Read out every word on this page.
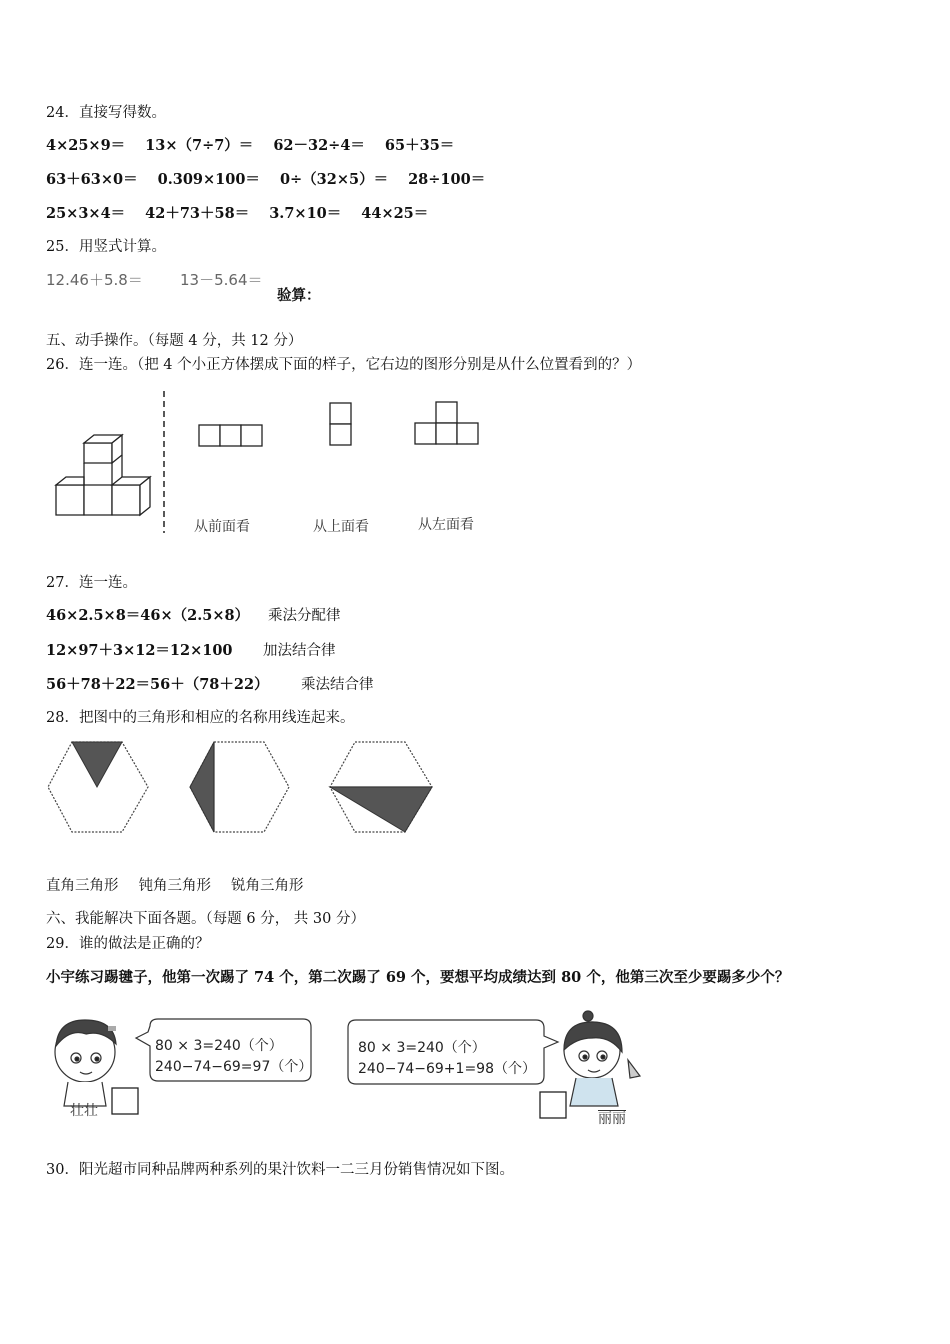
24．直接写得数。
4×25×9＝ 13×（7÷7）＝ 62－32÷4＝ 65＋35＝
63＋63×0＝ 0.309×100＝ 0÷（32×5）＝ 28÷100＝
25×3×4＝ 42＋73＋58＝ 3.7×10＝ 44×25＝
25．用竖式计算。
12.46＋5.8＝ 13－5.64＝
验算：
五、动手操作。（每题 4 分，共 12 分）
26．连一连。（把 4 个小正方体摆成下面的样子，它右边的图形分别是从什么位置看到的？）
从前面看	从上面看	从左面看
27．连一连。
46×2.5×8＝46×（2.5×8） 乘法分配律
12×97＋3×12＝12×100 加法结合律
56＋78＋22＝56＋（78＋22） 乘法结合律
28．把图中的三角形和相应的名称用线连起来。
直角三角形 钝角三角形 锐角三角形
六、我能解决下面各题。（每题 6 分， 共 30 分）
29．谁的做法是正确的？
小宇练习踢毽子，他第一次踢了 74 个，第二次踢了 69 个，要想平均成绩达到 80 个，他第三次至少要踢多少个？
80 × 3=240（个）
240−74−69=97（个）
80 × 3=240（个）
240−74−69+1=98（个）
壮壮	丽丽
30．阳光超市同种品牌两种系列的果汁饮料一二三月份销售情况如下图。
